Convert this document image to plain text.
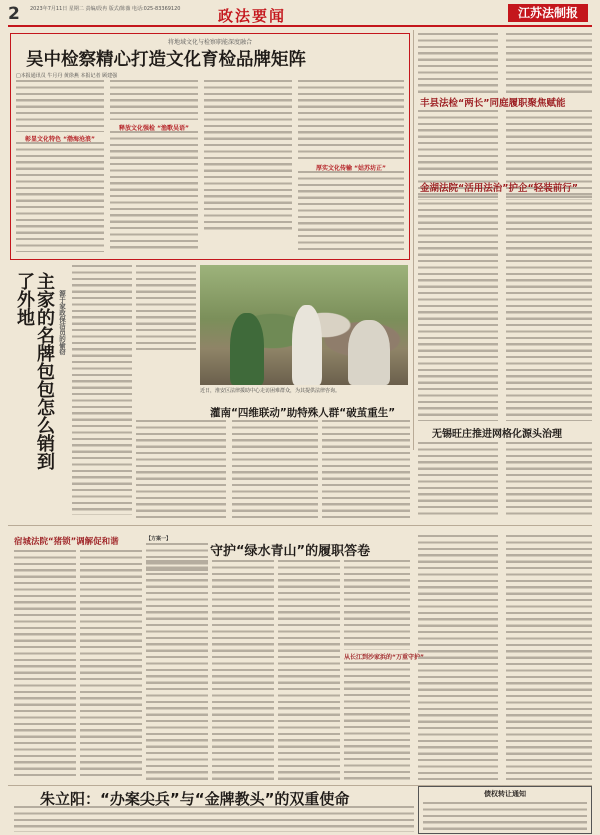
2 2023年7月11日 星期二 责编/段冉 版式/陈薇 电话:025-83369120	政法要闻	江苏法制报
将地域文化与检察职能深度融合
吴中检察精心打造文化育检品牌矩阵
□本报通讯员 牛月丹 黄徐燕 本报记者 顾建强
彰显文化特色 “渤海沧浪”
释放文化强检 “渔歌吴语”
厚实文化传输 “姑苏坊正”
丰县法检“两长”同庭履职聚焦赋能
金湖法院“活用法治”护企“轻装前行”
无锡旺庄推进网格化源头治理
主家的名牌包包怎么销到了外地	源于家政保洁员的偷窃
近日，淮安区法律援助中心走访困难群众，为其提供法律咨询。
灌南“四维联动”助特殊人群“破茧重生”
宿城法院“猪锁”调解促和谐	【方案一】
守护“绿水青山”的履职答卷
从长江到沙家浜的“万重守护”
朱立阳：“办案尖兵”与“金牌教头”的双重使命	债权转让通知
